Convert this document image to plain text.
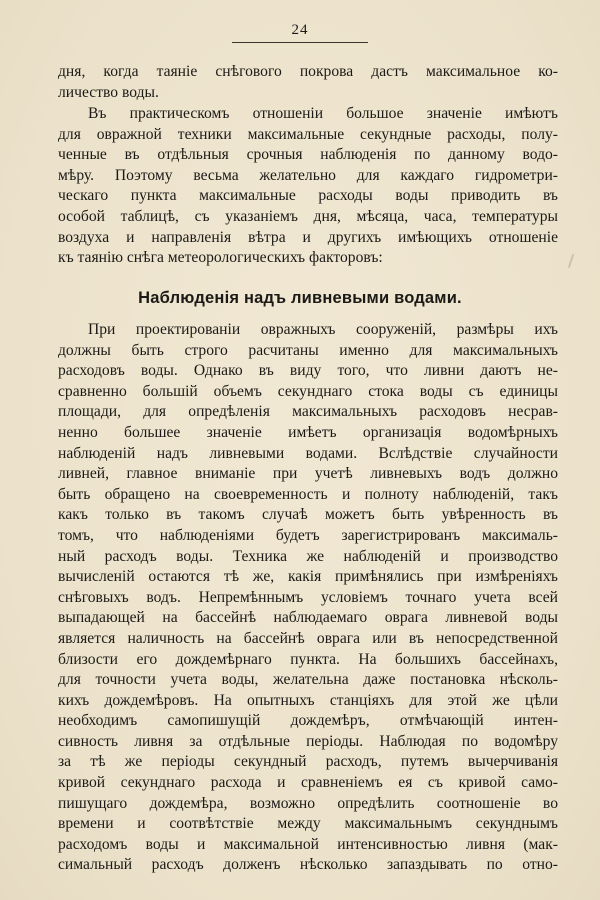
24
дня, когда таяніе снѣгового покрова дастъ максимальное ко-
личество воды.
Въ практическомъ отношеніи большое значеніе имѣютъ
для овражной техники максимальные секундные расходы, полу-
ченные въ отдѣльныя срочныя наблюденія по данному водо-
мѣру. Поэтому весьма желательно для каждаго гидрометри-
ческаго пункта максимальные расходы воды приводить въ
особой таблицѣ, съ указаніемъ дня, мѣсяца, часа, температуры
воздуха и направленія вѣтра и другихъ имѣющихъ отношеніе
къ таянію снѣга метеорологическихъ факторовъ:
Наблюденія надъ ливневыми водами.
При проектированіи овражныхъ сооруженій, размѣры ихъ
должны быть строго расчитаны именно для максимальныхъ
расходовъ воды. Однако въ виду того, что ливни даютъ не-
сравненно большій объемъ секунднаго стока воды съ единицы
площади, для опредѣленія максимальныхъ расходовъ несрав-
ненно большее значеніе имѣетъ организація водомѣрныхъ
наблюденій надъ ливневыми водами. Вслѣдствіе случайности
ливней, главное вниманіе при учетѣ ливневыхъ водъ должно
быть обращено на своевременность и полноту наблюденій, такъ
какъ только въ такомъ случаѣ можетъ быть увѣренность въ
томъ, что наблюденіями будетъ зарегистрированъ максималь-
ный расходъ воды. Техника же наблюденій и производство
вычисленій остаются тѣ же, какія примѣнялись при измѣреніяхъ
снѣговыхъ водъ. Непремѣннымъ условіемъ точнаго учета всей
выпадающей на бассейнѣ наблюдаемаго оврага ливневой воды
является наличность на бассейнѣ оврага или въ непосредственной
близости его дождемѣрнаго пункта. На большихъ бассейнахъ,
для точности учета воды, желательна даже постановка нѣсколь-
кихъ дождемѣровъ. На опытныхъ станціяхъ для этой же цѣли
необходимъ самопишущій дождемѣръ, отмѣчающій интен-
сивность ливня за отдѣльные періоды. Наблюдая по водомѣру
за тѣ же періоды секундный расходъ, путемъ вычерчиванія
кривой секунднаго расхода и сравненіемъ ея съ кривой само-
пишущаго дождемѣра, возможно опредѣлить соотношеніе во
времени и соотвѣтствіе между максимальнымъ секунднымъ
расходомъ воды и максимальной интенсивностью ливня (мак-
симальный расходъ долженъ нѣсколько запаздывать по отно-
